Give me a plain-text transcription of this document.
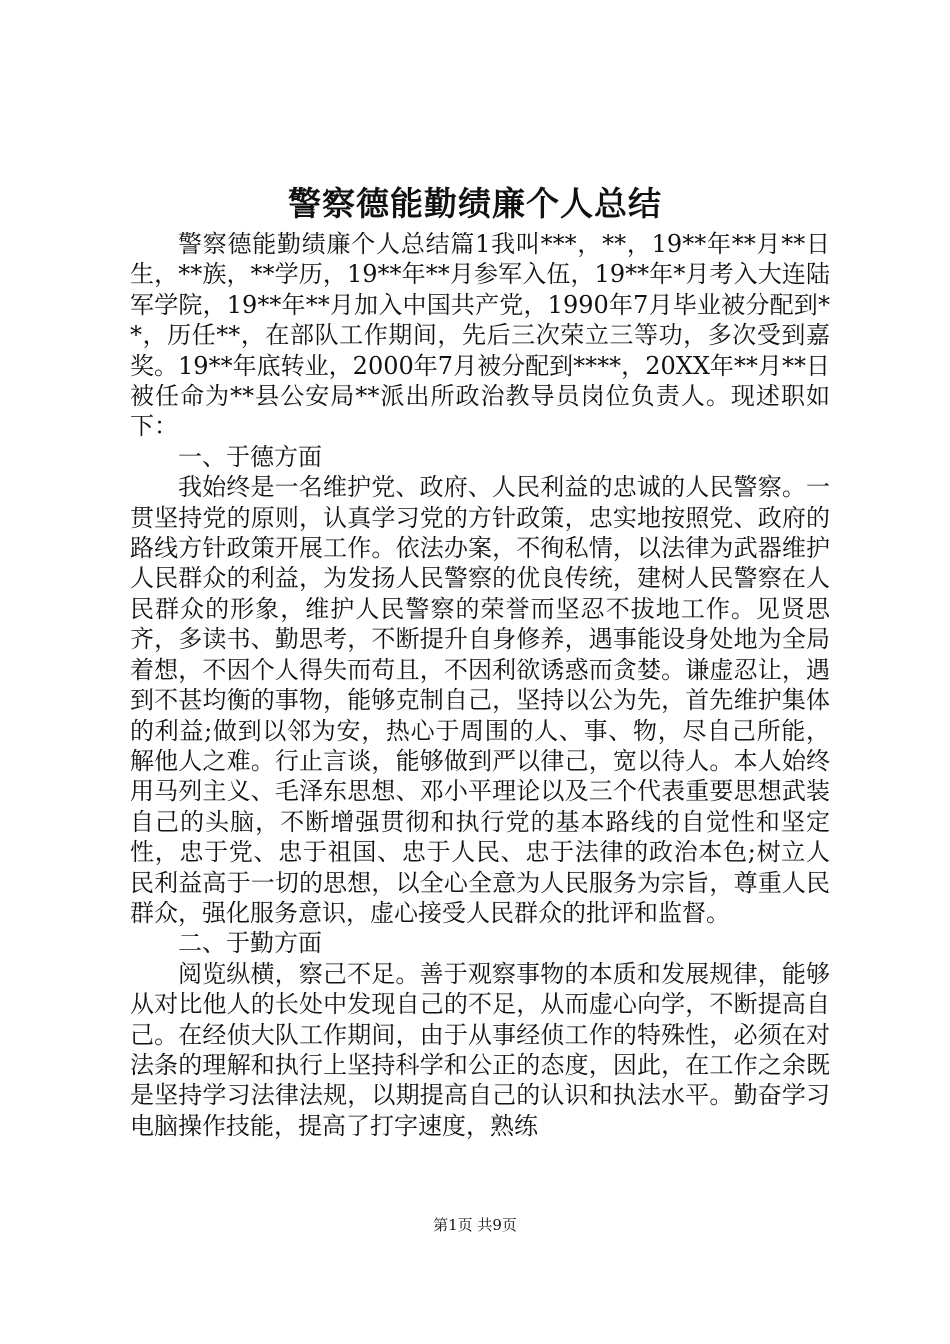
警察德能勤绩廉个人总结

警察德能勤绩廉个人总结篇1我叫***，**，19**年**月**日生，**族，**学历，19**年**月参军入伍，19**年*月考入大连陆军学院，19**年**月加入中国共产党，1990年7月毕业被分配到**，历任**，在部队工作期间，先后三次荣立三等功，多次受到嘉奖。19**年底转业，2000年7月被分配到****，20XX年**月**日被任命为**县公安局**派出所政治教导员岗位负责人。现述职如下：

一、于德方面

我始终是一名维护党、政府、人民利益的忠诚的人民警察。一贯坚持党的原则，认真学习党的方针政策，忠实地按照党、政府的路线方针政策开展工作。依法办案，不徇私情，以法律为武器维护人民群众的利益，为发扬人民警察的优良传统，建树人民警察在人民群众的形象，维护人民警察的荣誉而坚忍不拔地工作。见贤思齐，多读书、勤思考，不断提升自身修养，遇事能设身处地为全局着想，不因个人得失而苟且，不因利欲诱惑而贪婪。谦虚忍让，遇到不甚均衡的事物，能够克制自己，坚持以公为先，首先维护集体的利益;做到以邻为安，热心于周围的人、事、物，尽自己所能，解他人之难。行止言谈，能够做到严以律己，宽以待人。本人始终用马列主义、毛泽东思想、邓小平理论以及三个代表重要思想武装自己的头脑，不断增强贯彻和执行党的基本路线的自觉性和坚定性，忠于党、忠于祖国、忠于人民、忠于法律的政治本色;树立人民利益高于一切的思想，以全心全意为人民服务为宗旨，尊重人民群众，强化服务意识，虚心接受人民群众的批评和监督。

二、于勤方面

阅览纵横，察己不足。善于观察事物的本质和发展规律，能够从对比他人的长处中发现自己的不足，从而虚心向学，不断提高自己。在经侦大队工作期间，由于从事经侦工作的特殊性，必须在对法条的理解和执行上坚持科学和公正的态度，因此，在工作之余既是坚持学习法律法规，以期提高自己的认识和执法水平。勤奋学习电脑操作技能，提高了打字速度，熟练

第1页 共9页
